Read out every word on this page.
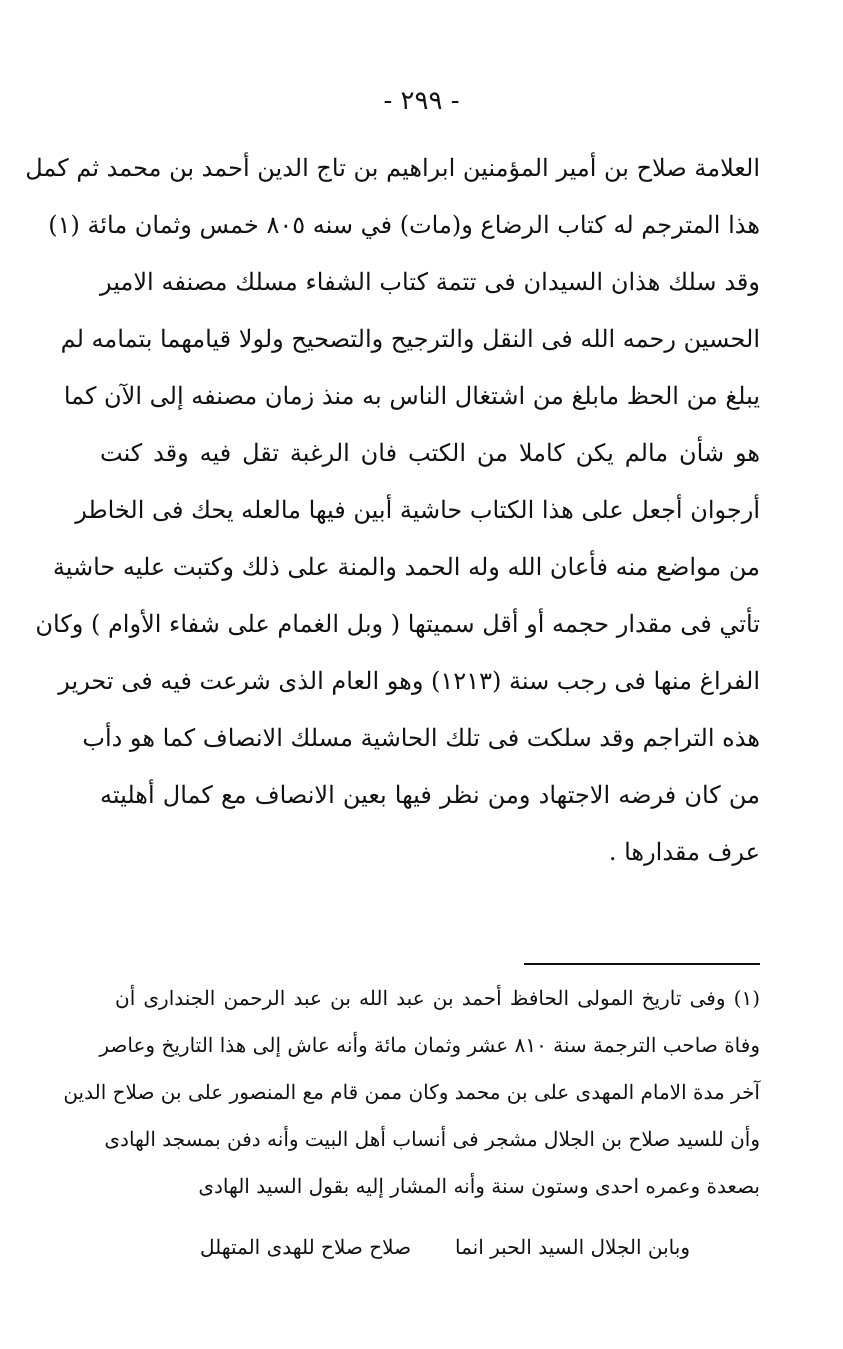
- ٢٩٩ -
العلامة صلاح بن أمير المؤمنين ابراهيم بن تاج الدين أحمد بن محمد ثم كمل
هذا المترجم له كتاب الرضاع و(مات) في سنه ٨٠٥ خمس وثمان مائة (١)
وقد سلك هذان السيدان فى تتمة كتاب الشفاء مسلك مصنفه الامير
الحسين رحمه الله فى النقل والترجيح والتصحيح ولولا قيامهما بتمامه لم
يبلغ من الحظ مابلغ من اشتغال الناس به منذ زمان مصنفه إلى الآن كما
هو شأن مالم يكن كاملا من الكتب فان الرغبة تقل فيه وقد كنت
أرجوان أجعل على هذا الكتاب حاشية أبين فيها مالعله يحك فى الخاطر
من مواضع منه فأعان الله وله الحمد والمنة على ذلك وكتبت عليه حاشية
تأتي فى مقدار حجمه أو أقل سميتها ( وبل الغمام على شفاء الأوام ) وكان
الفراغ منها فى رجب سنة (١٢١٣) وهو العام الذى شرعت فيه فى تحرير
هذه التراجم وقد سلكت فى تلك الحاشية مسلك الانصاف كما هو دأب
من كان فرضه الاجتهاد ومن نظر فيها بعين الانصاف مع كمال أهليته
عرف مقدارها .
(١) وفى تاريخ المولى الحافظ أحمد بن عبد الله بن عبد الرحمن الجندارى أن
وفاة صاحب الترجمة سنة ٨١٠ عشر وثمان مائة وأنه عاش إلى هذا التاريخ وعاصر
آخر مدة الامام المهدى على بن محمد وكان ممن قام مع المنصور على بن صلاح الدين
وأن للسيد صلاح بن الجلال مشجر فى أنساب أهل البيت وأنه دفن بمسجد الهادى
بصعدة وعمره احدى وستون سنة وأنه المشار إليه بقول السيد الهادى
وبابن الجلال السيد الحبر انما
صلاح صلاح للهدى المتهلل
